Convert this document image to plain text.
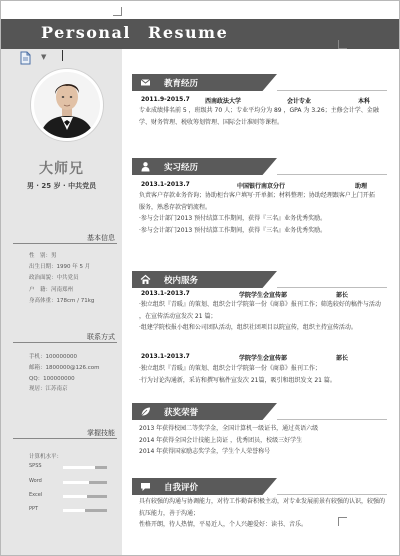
Personal Resume
▼
大师兄
男 · 25 岁 · 中共党员
基本信息
性　别：男
出生日期：1990 年 5 月
政治面貌：中共党员
户　籍：河南郑州
身高体重：178cm / 71kg
联系方式
手机：100000000
邮箱：1800000@126.com
QQ：100000000
现居：江苏南京
掌握技能
计算机水平：
SPSS
Word
Excel
PPT
教育经历
2011.9-2015.7	西南政法大学	会计专业	本科

专业成绩排名前 5 ，班级共 70 人；专业平均分为 89 ，GPA 为 3.26；主修会计学、金融

学、财务管理、税收筹划管理、国际会计准则等课程。

实习经历
2013.1-2013.7	中国银行南京分行	助理

负责客户存款业务咨询；协助柜台客户填写·开单据；材料整理；协助经理跟客户上门开拓

服务，熟悉存款营销流程。

·参与会计部门2013 预付结算工作期间，获得『三名』业务优秀奖励。

·参与会计部门2013 预付结算工作期间，获得『三名』业务优秀奖励。

校内服务
2013.1-2013.7	学院学生会宣传部	部长

·独立组织『青暖』的策划、组织会计学院第一份《商慕》报刊工作；筛选较好的稿件与活动

，在宣传活动宣发次 21 篇；

·组建学院校报小组和公司团队活动，组织社团项目以院宣传，组织主持宣传活动。

2013.1-2013.7	学院学生会宣传部	部长

·独立组织『青暖』的策划、组织会计学院第一份《商慕》报刊工作；

·行为讨论沟通新，采访和撰写稿件宣发次 21篇，吸引和组织发文 21 篇。

获奖荣誉

2013 年获得校园二等奖学金，全国计算机一级证书，通过英语六级

2014 年获得全国会计技能上岗证 ，优秀团员，校级三好学生

2014 年获得国家励志奖学金，学生个人荣誉称号

自我评价

具有较强的沟通与协调能力，对待工作勤奋积极主动，对专业发展前景有较强的认识，较强的

抗压能力，善于沟通；

性格开朗，待人热情，平易近人，个人兴趣爱好：读书、音乐。
